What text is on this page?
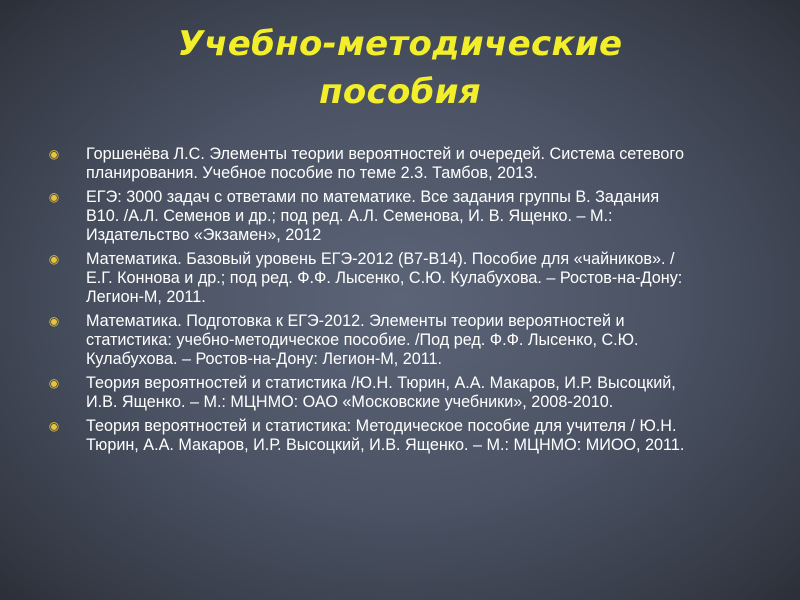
Учебно-методические
пособия
◉ Горшенёва Л.С. Элементы теории вероятностей и очередей. Система сетевого планирования. Учебное пособие по теме 2.3. Тамбов, 2013.
◉ ЕГЭ: 3000 задач с ответами по математике. Все задания группы В. Задания В10. /А.Л. Семенов и др.; под ред. А.Л. Семенова, И. В. Ященко. – М.: Издательство «Экзамен», 2012
◉ Математика. Базовый уровень ЕГЭ-2012 (В7-В14). Пособие для «чайников». / Е.Г. Коннова и др.; под ред. Ф.Ф. Лысенко, С.Ю. Кулабухова. – Ростов-на-Дону: Легион-М, 2011.
◉ Математика. Подготовка к ЕГЭ-2012. Элементы теории вероятностей и статистика: учебно-методическое пособие. /Под ред. Ф.Ф. Лысенко, С.Ю. Кулабухова. – Ростов-на-Дону: Легион-М, 2011.
◉ Теория вероятностей и статистика /Ю.Н. Тюрин, А.А. Макаров, И.Р. Высоцкий, И.В. Ященко. – М.: МЦНМО: ОАО «Московские учебники», 2008-2010.
◉ Теория вероятностей и статистика: Методическое пособие для учителя / Ю.Н. Тюрин, А.А. Макаров, И.Р. Высоцкий, И.В. Ященко. – М.: МЦНМО: МИОО, 2011.
